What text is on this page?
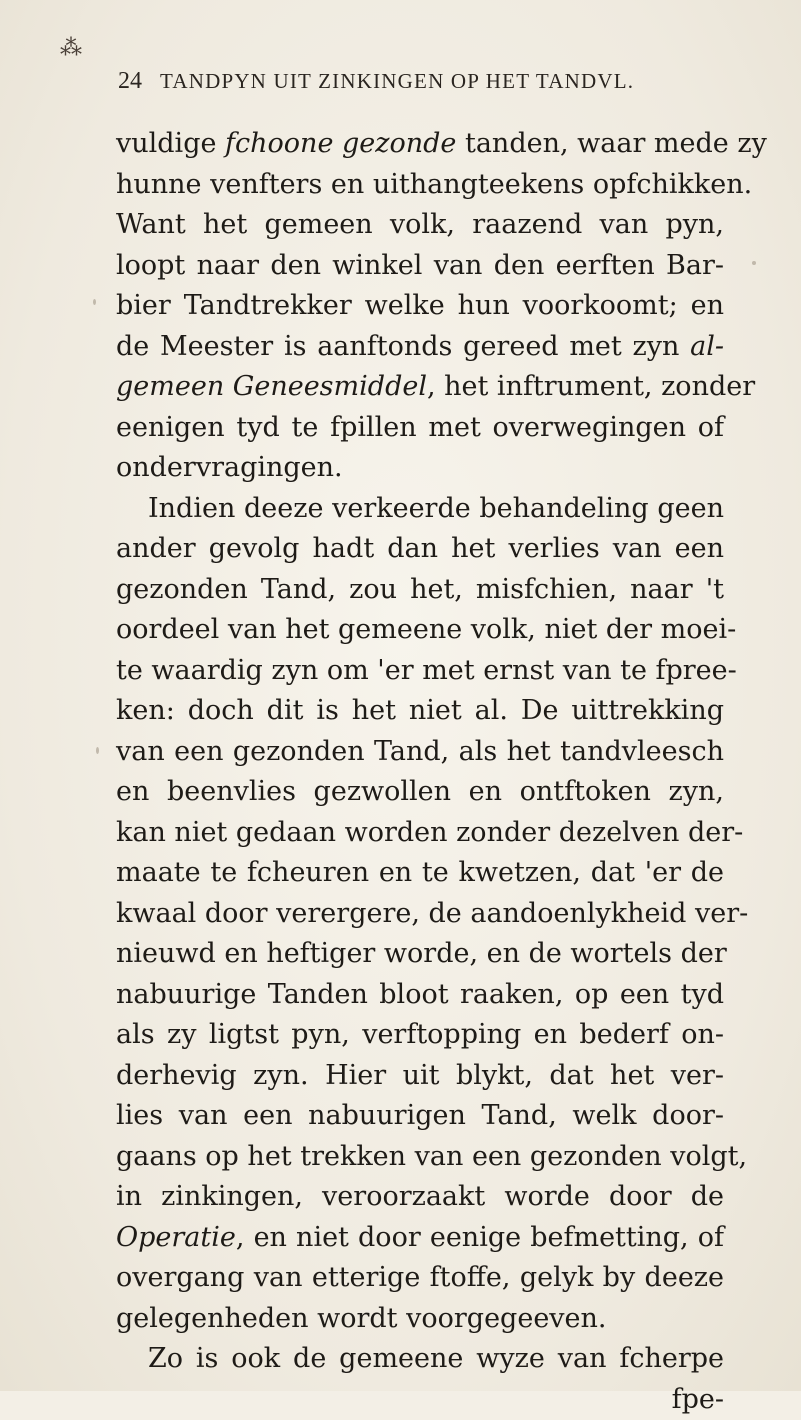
⁂
24 TANDPYN UIT ZINKINGEN OP HET TANDVL.
vuldige fchoone gezonde tanden, waar mede zy
hunne venfters en uithangteekens opfchikken.
Want het gemeen volk, raazend van pyn,
loopt naar den winkel van den eerften Bar-
bier Tandtrekker welke hun voorkoomt; en
de Meester is aanftonds gereed met zyn al-
gemeen Geneesmiddel, het inftrument, zonder
eenigen tyd te fpillen met overwegingen of
ondervragingen.
Indien deeze verkeerde behandeling geen
ander gevolg hadt dan het verlies van een
gezonden Tand, zou het, misfchien, naar 't
oordeel van het gemeene volk, niet der moei-
te waardig zyn om 'er met ernst van te fpree-
ken: doch dit is het niet al. De uittrekking
van een gezonden Tand, als het tandvleesch
en beenvlies gezwollen en ontftoken zyn,
kan niet gedaan worden zonder dezelven der-
maate te fcheuren en te kwetzen, dat 'er de
kwaal door verergere, de aandoenlykheid ver-
nieuwd en heftiger worde, en de wortels der
nabuurige Tanden bloot raaken, op een tyd
als zy ligtst pyn, verftopping en bederf on-
derhevig zyn. Hier uit blykt, dat het ver-
lies van een nabuurigen Tand, welk door-
gaans op het trekken van een gezonden volgt,
in zinkingen, veroorzaakt worde door de
Operatie, en niet door eenige befmetting, of
overgang van etterige ftoffe, gelyk by deeze
gelegenheden wordt voorgegeeven.
Zo is ook de gemeene wyze van fcherpe
fpe-
